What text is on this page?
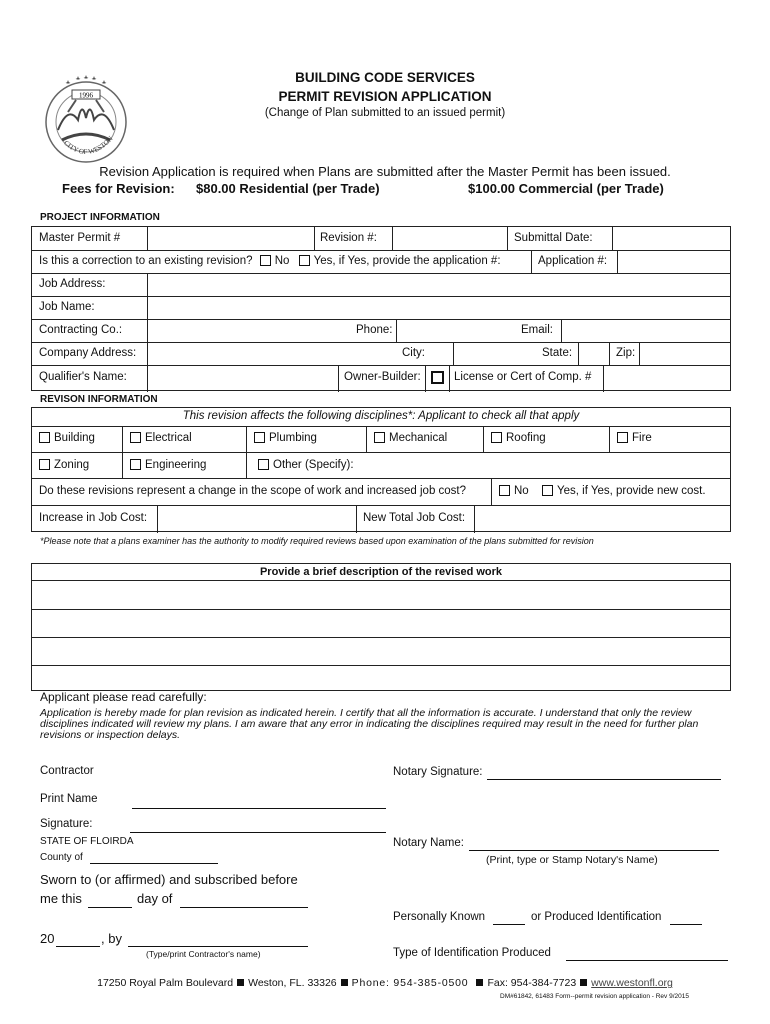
1996
CITY OF WESTON
BUILDING CODE SERVICES
PERMIT REVISION APPLICATION
(Change of Plan submitted to an issued permit)
Revision Application is required when Plans are submitted after the Master Permit has been issued.
Fees for Revision: $80.00 Residential (per Trade)	$100.00 Commercial (per Trade)
PROJECT INFORMATION
Master Permit #	Revision #:	Submittal Date:
Is this a correction to an existing revision? No Yes, if Yes, provide the application #:	Application #:
Job Address:
Job Name:
Contracting Co.:	Phone:	Email:
Company Address:	City:	State:	Zip:
Qualifier's Name:	Owner-Builder:	License or Cert of Comp. #
REVISON INFORMATION
This revision affects the following disciplines*: Applicant to check all that apply
Building	Electrical	Plumbing	Mechanical	Roofing	Fire
Zoning	Engineering	Other (Specify):
Do these revisions represent a change in the scope of work and increased job cost?	No	Yes, if Yes, provide new cost.
Increase in Job Cost:	New Total Job Cost:
*Please note that a plans examiner has the authority to modify required reviews based upon examination of the plans submitted for revision
Provide a brief description of the revised work
Applicant please read carefully:
Application is hereby made for plan revision as indicated herein. I certify that all the information is accurate. I understand that only the review disciplines indicated will review my plans. I am aware that any error in indicating the disciplines required may result in the need for further plan revisions or inspection delays.
Contractor
Print Name
Signature:
STATE OF FLOIRDA
County of
Sworn to (or affirmed) and subscribed before
me this	day of
20	, by
(Type/print Contractor's name)
Notary Signature:
Notary Name:
(Print, type or Stamp Notary's Name)
Personally Known	or Produced Identification
Type of Identification Produced
17250 Royal Palm Boulevard Weston, FL. 33326 Phone: 954-385-0500 Fax: 954-384-7723 www.westonfl.org
DM#61842, 61483 Form--permit revision application - Rev 9/2015
